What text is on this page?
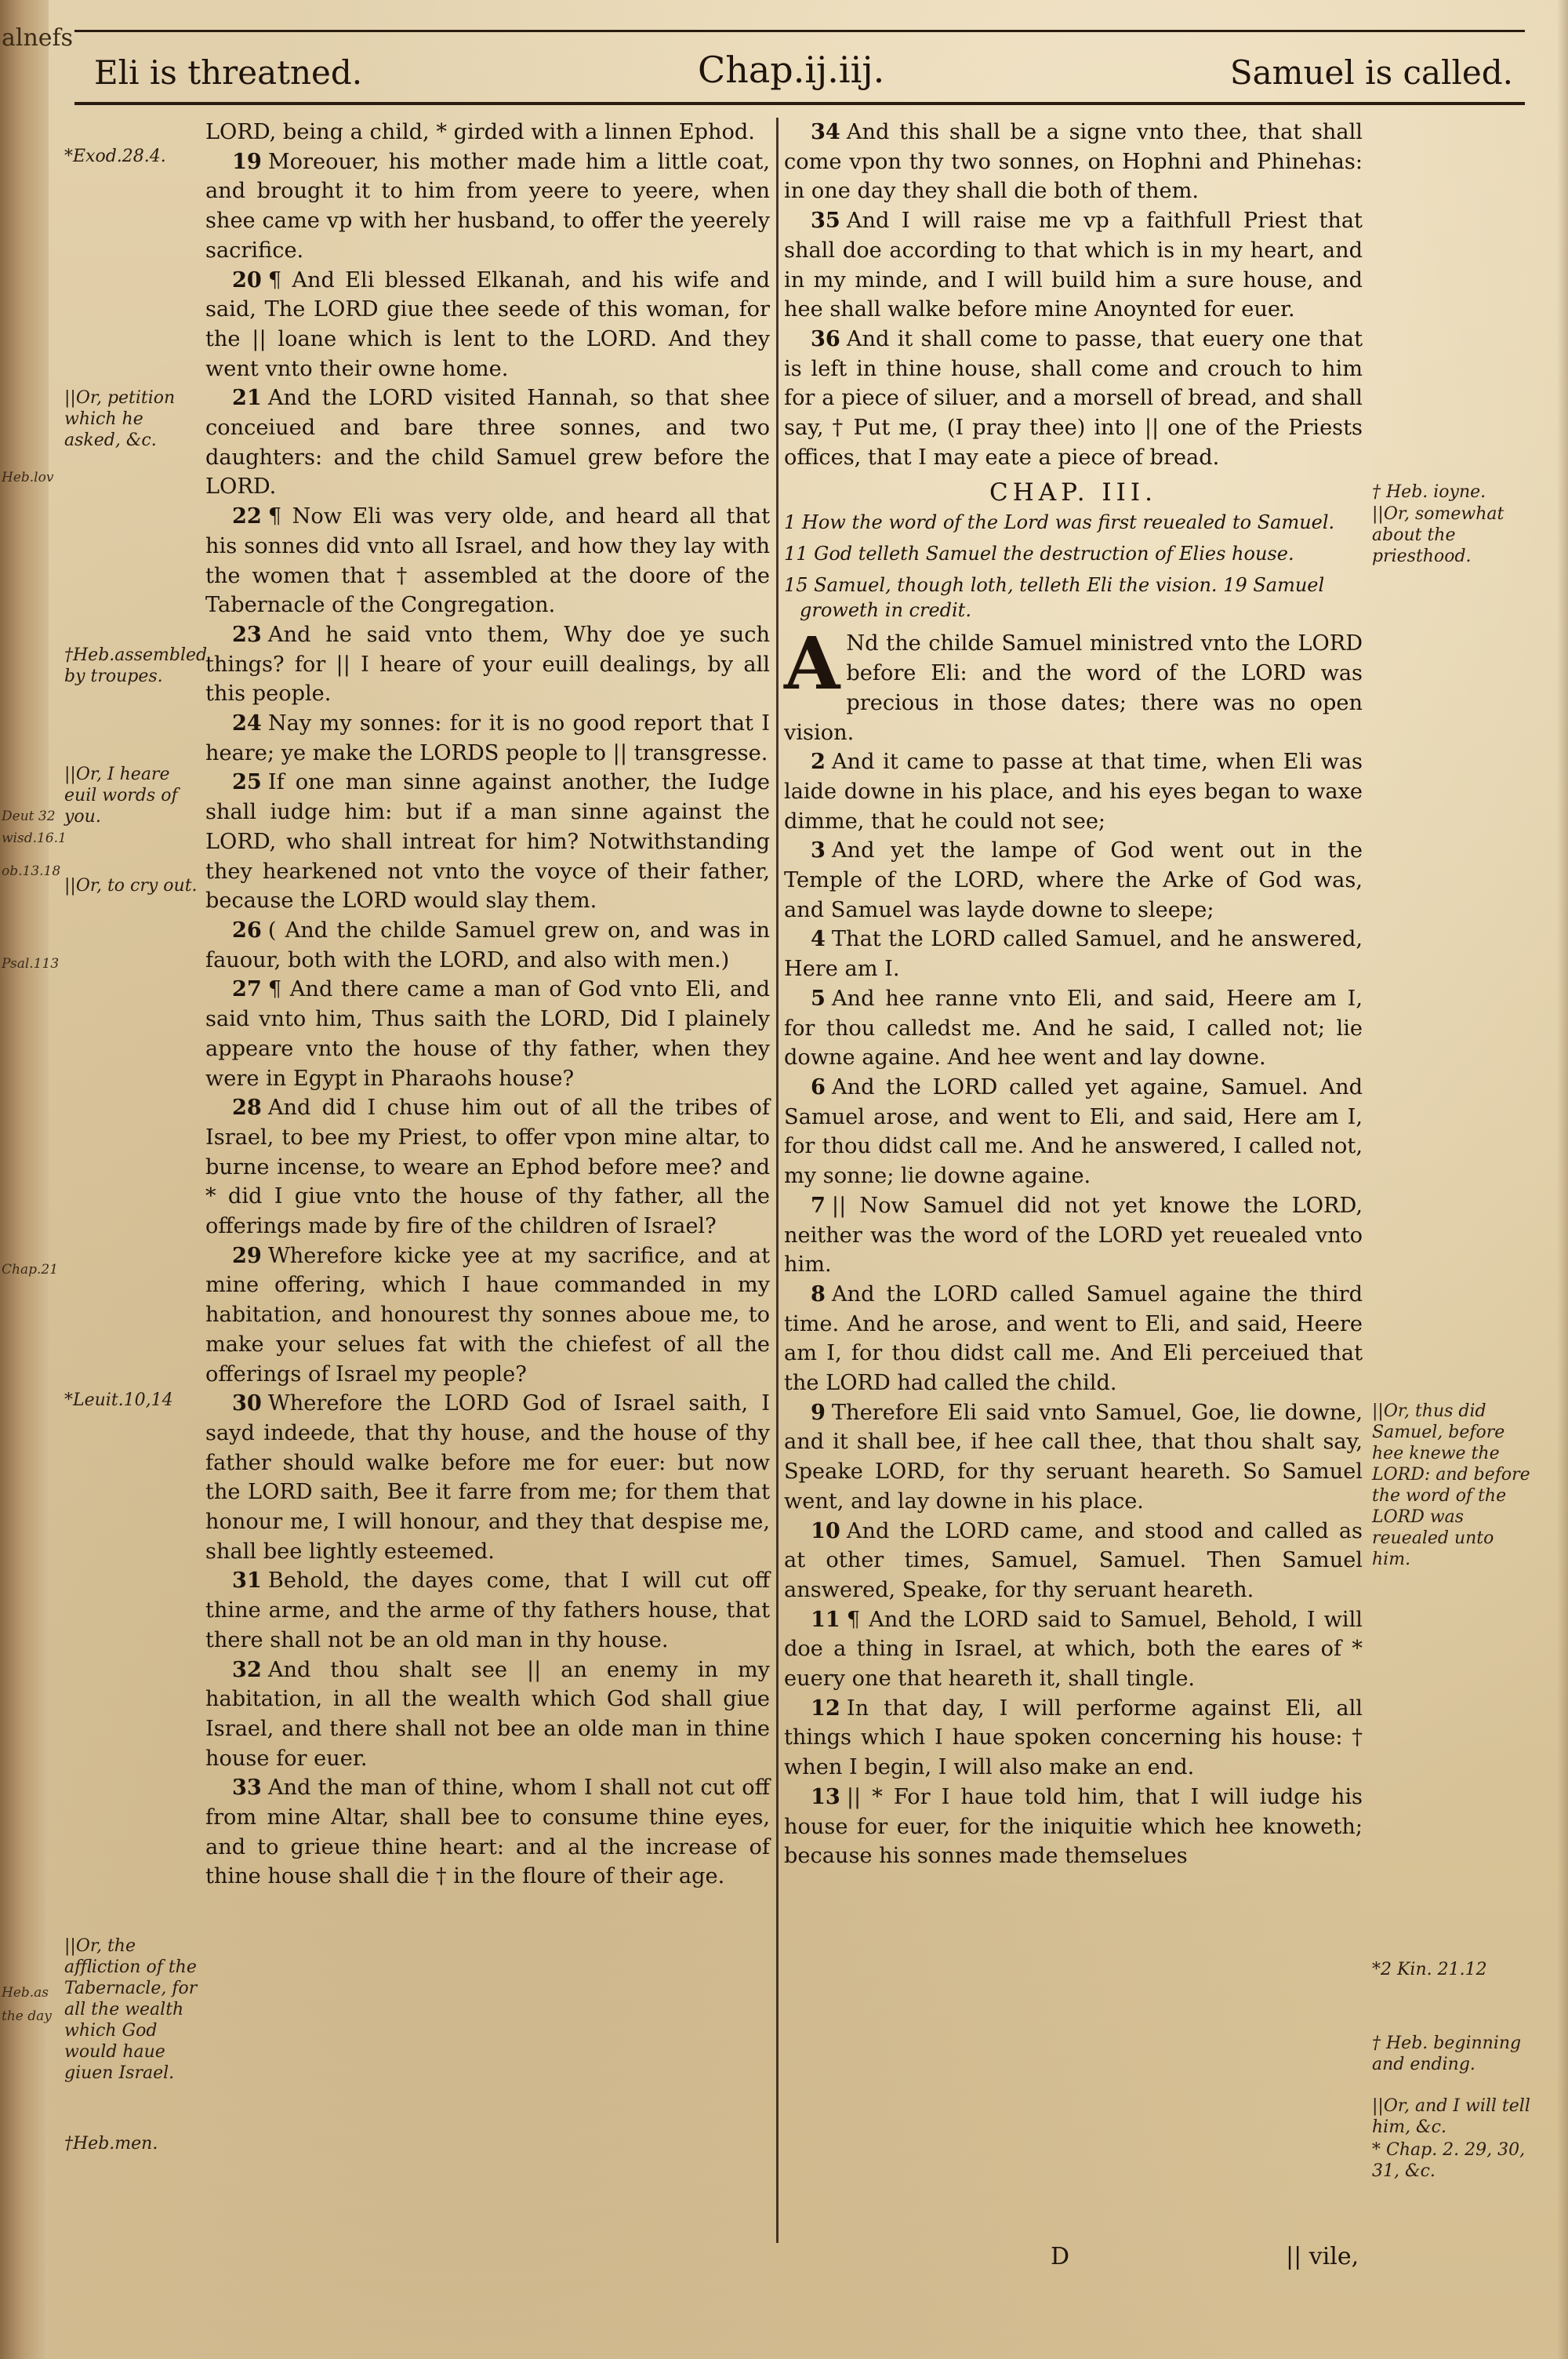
alnefs
Heb.lov
Deut 32
wisd.16.1
ob.13.18
Psal.113
Chap.21
Heb.as
the day
Eli is threatned.	Chap.ij.iij.	Samuel is called.
*Exod.28.4.
||Or, petition which he asked, &c.
†Heb.assembled by troupes.
||Or, I heare euil words of you.
||Or, to cry out.
*Leuit.10,14
||Or, the affliction of the Tabernacle, for all the wealth which God would haue giuen Israel.
†Heb.men.
† Heb. ioyne.
||Or, somewhat about the priesthood.
||Or, thus did Samuel, before hee knewe the LORD: and before the word of the LORD was reuealed unto him.
*2 Kin. 21.12
† Heb. beginning and ending.
||Or, and I will tell him, &c.
* Chap. 2. 29, 30, 31, &c.

LORD, being a child, * girded with a linnen Ephod.

19 Moreouer, his mother made him a little coat, and brought it to him from yeere to yeere, when shee came vp with her husband, to offer the yeerely sacrifice.

20 ¶ And Eli blessed Elkanah, and his wife and said, The LORD giue thee seede of this woman, for the || loane which is lent to the LORD. And they went vnto their owne home.

21 And the LORD visited Hannah, so that shee conceiued and bare three sonnes, and two daughters: and the child Samuel grew before the LORD.

22 ¶ Now Eli was very olde, and heard all that his sonnes did vnto all Israel, and how they lay with the women that † assembled at the doore of the Tabernacle of the Congregation.

23 And he said vnto them, Why doe ye such things? for || I heare of your euill dealings, by all this people.

24 Nay my sonnes: for it is no good report that I heare; ye make the LORDS people to || transgresse.

25 If one man sinne against another, the Iudge shall iudge him: but if a man sinne against the LORD, who shall intreat for him? Notwithstanding they hearkened not vnto the voyce of their father, because the LORD would slay them.

26 ( And the childe Samuel grew on, and was in fauour, both with the LORD, and also with men.)

27 ¶ And there came a man of God vnto Eli, and said vnto him, Thus saith the LORD, Did I plainely appeare vnto the house of thy father, when they were in Egypt in Pharaohs house?

28 And did I chuse him out of all the tribes of Israel, to bee my Priest, to offer vpon mine altar, to burne incense, to weare an Ephod before mee? and * did I giue vnto the house of thy father, all the offerings made by fire of the children of Israel?

29 Wherefore kicke yee at my sacrifice, and at mine offering, which I haue commanded in my habitation, and honourest thy sonnes aboue me, to make your selues fat with the chiefest of all the offerings of Israel my people?

30 Wherefore the LORD God of Israel saith, I sayd indeede, that thy house, and the house of thy father should walke before me for euer: but now the LORD saith, Bee it farre from me; for them that honour me, I will honour, and they that despise me, shall bee lightly esteemed.

31 Behold, the dayes come, that I will cut off thine arme, and the arme of thy fathers house, that there shall not be an old man in thy house.

32 And thou shalt see || an enemy in my habitation, in all the wealth which God shall giue Israel, and there shall not bee an olde man in thine house for euer.

33 And the man of thine, whom I shall not cut off from mine Altar, shall bee to consume thine eyes, and to grieue thine heart: and al the increase of thine house shall die † in the floure of their age.

34 And this shall be a signe vnto thee, that shall come vpon thy two sonnes, on Hophni and Phinehas: in one day they shall die both of them.

35 And I will raise me vp a faithfull Priest that shall doe according to that which is in my heart, and in my minde, and I will build him a sure house, and hee shall walke before mine Anoynted for euer.

36 And it shall come to passe, that euery one that is left in thine house, shall come and crouch to him for a piece of siluer, and a morsell of bread, and shall say, † Put me, (I pray thee) into || one of the Priests offices, that I may eate a piece of bread.

CHAP. III.
1 How the word of the Lord was first reuealed to Samuel.
11 God telleth Samuel the destruction of Elies house.
15 Samuel, though loth, telleth Eli the vision. 19 Samuel groweth in credit.

A Nd the childe Samuel ministred vnto the LORD before Eli: and the word of the LORD was precious in those dates; there was no open vision.

2 And it came to passe at that time, when Eli was laide downe in his place, and his eyes began to waxe dimme, that he could not see;

3 And yet the lampe of God went out in the Temple of the LORD, where the Arke of God was, and Samuel was layde downe to sleepe;

4 That the LORD called Samuel, and he answered, Here am I.

5 And hee ranne vnto Eli, and said, Heere am I, for thou calledst me. And he said, I called not; lie downe againe. And hee went and lay downe.

6 And the LORD called yet againe, Samuel. And Samuel arose, and went to Eli, and said, Here am I, for thou didst call me. And he answered, I called not, my sonne; lie downe againe.

7 || Now Samuel did not yet knowe the LORD, neither was the word of the LORD yet reuealed vnto him.

8 And the LORD called Samuel againe the third time. And he arose, and went to Eli, and said, Heere am I, for thou didst call me. And Eli perceiued that the LORD had called the child.

9 Therefore Eli said vnto Samuel, Goe, lie downe, and it shall bee, if hee call thee, that thou shalt say, Speake LORD, for thy seruant heareth. So Samuel went, and lay downe in his place.

10 And the LORD came, and stood and called as at other times, Samuel, Samuel. Then Samuel answered, Speake, for thy seruant heareth.

11 ¶ And the LORD said to Samuel, Behold, I will doe a thing in Israel, at which, both the eares of * euery one that heareth it, shall tingle.

12 In that day, I will performe against Eli, all things which I haue spoken concerning his house: † when I begin, I will also make an end.

13 || * For I haue told him, that I will iudge his house for euer, for the iniquitie which hee knoweth; because his sonnes made themselues

D	|| vile,
